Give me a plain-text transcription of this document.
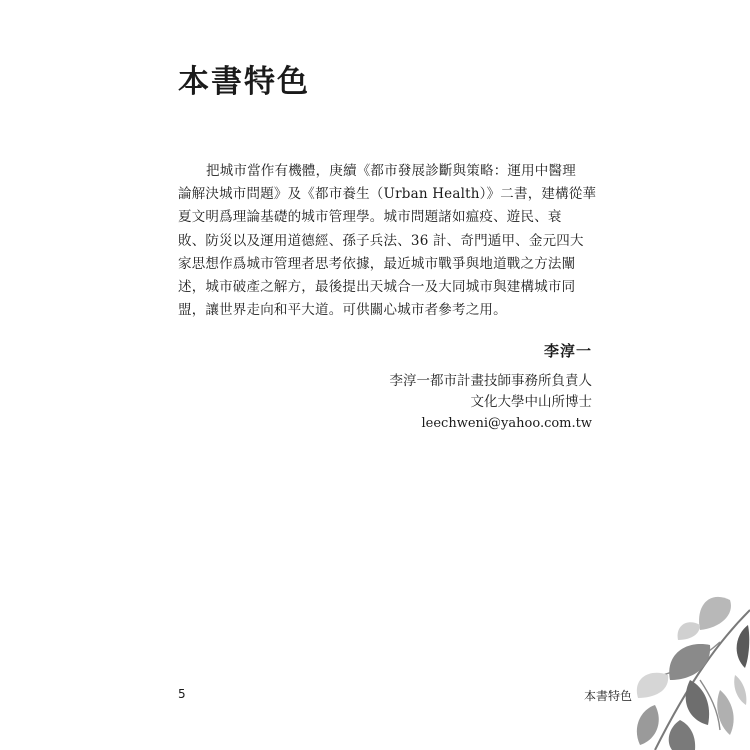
本書特色
把城市當作有機體，庚續《都市發展診斷與策略：運用中醫理
論解決城市問題》及《都市養生（Urban Health）》二書，建構從華
夏文明爲理論基礎的城市管理學。城市問題諸如瘟疫、遊民、衰
敗、防災以及運用道德經、孫子兵法、36 計、奇門遁甲、金元四大
家思想作爲城市管理者思考依據，最近城市戰爭與地道戰之方法闡
述，城市破產之解方，最後提出天城合一及大同城市與建構城市同
盟，讓世界走向和平大道。可供關心城市者參考之用。
李淳一
李淳一都市計畫技師事務所負責人
文化大學中山所博士
leechweni@yahoo.com.tw
5	本書特色
